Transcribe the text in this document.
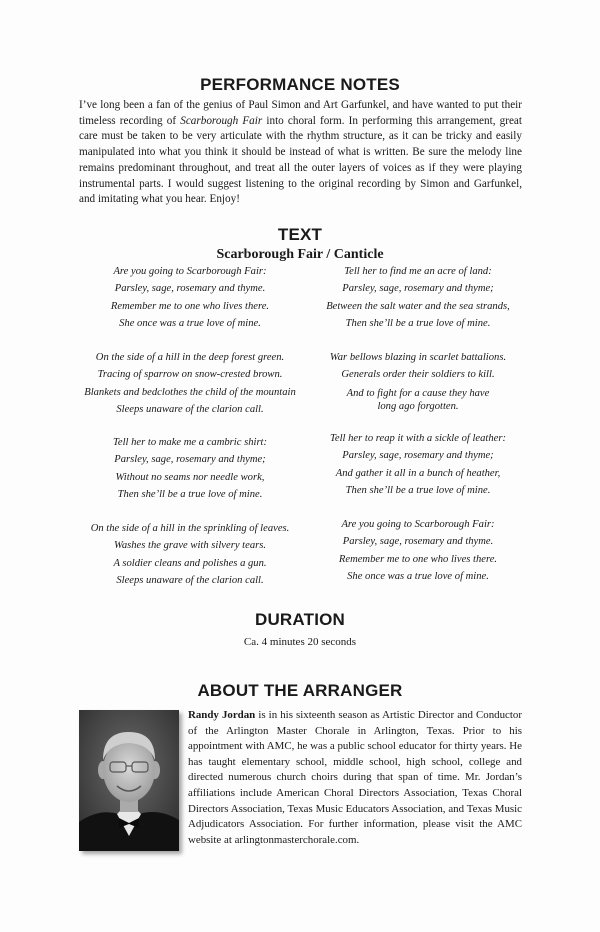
PERFORMANCE NOTES
I’ve long been a fan of the genius of Paul Simon and Art Garfunkel, and have wanted to put their timeless recording of Scarborough Fair into choral form. In performing this arrangement, great care must be taken to be very articulate with the rhythm structure, as it can be tricky and easily manipulated into what you think it should be instead of what is written. Be sure the melody line remains predominant throughout, and treat all the outer layers of voices as if they were playing instrumental parts. I would suggest listening to the original recording by Simon and Garfunkel, and imitating what you hear. Enjoy!
TEXT
Scarborough Fair / Canticle
Are you going to Scarborough Fair:
Parsley, sage, rosemary and thyme.
Remember me to one who lives there.
She once was a true love of mine.
On the side of a hill in the deep forest green.
Tracing of sparrow on snow-crested brown.
Blankets and bedclothes the child of the mountain
Sleeps unaware of the clarion call.
Tell her to make me a cambric shirt:
Parsley, sage, rosemary and thyme;
Without no seams nor needle work,
Then she’ll be a true love of mine.
On the side of a hill in the sprinkling of leaves.
Washes the grave with silvery tears.
A soldier cleans and polishes a gun.
Sleeps unaware of the clarion call.
Tell her to find me an acre of land:
Parsley, sage, rosemary and thyme;
Between the salt water and the sea strands,
Then she’ll be a true love of mine.
War bellows blazing in scarlet battalions.
Generals order their soldiers to kill.
And to fight for a cause they have
long ago forgotten.
Tell her to reap it with a sickle of leather:
Parsley, sage, rosemary and thyme;
And gather it all in a bunch of heather,
Then she’ll be a true love of mine.
Are you going to Scarborough Fair:
Parsley, sage, rosemary and thyme.
Remember me to one who lives there.
She once was a true love of mine.
DURATION
Ca. 4 minutes 20 seconds
ABOUT THE ARRANGER
Randy Jordan is in his sixteenth season as Artistic Director and Conductor of the Arlington Master Chorale in Arlington, Texas. Prior to his appointment with AMC, he was a public school educator for thirty years. He has taught elementary school, middle school, high school, college and directed numerous church choirs during that span of time. Mr. Jordan’s affiliations include American Choral Directors Association, Texas Choral Directors Association, Texas Music Educators Association, and Texas Music Adjudicators Association. For further information, please visit the AMC website at arlingtonmasterchorale.com.
